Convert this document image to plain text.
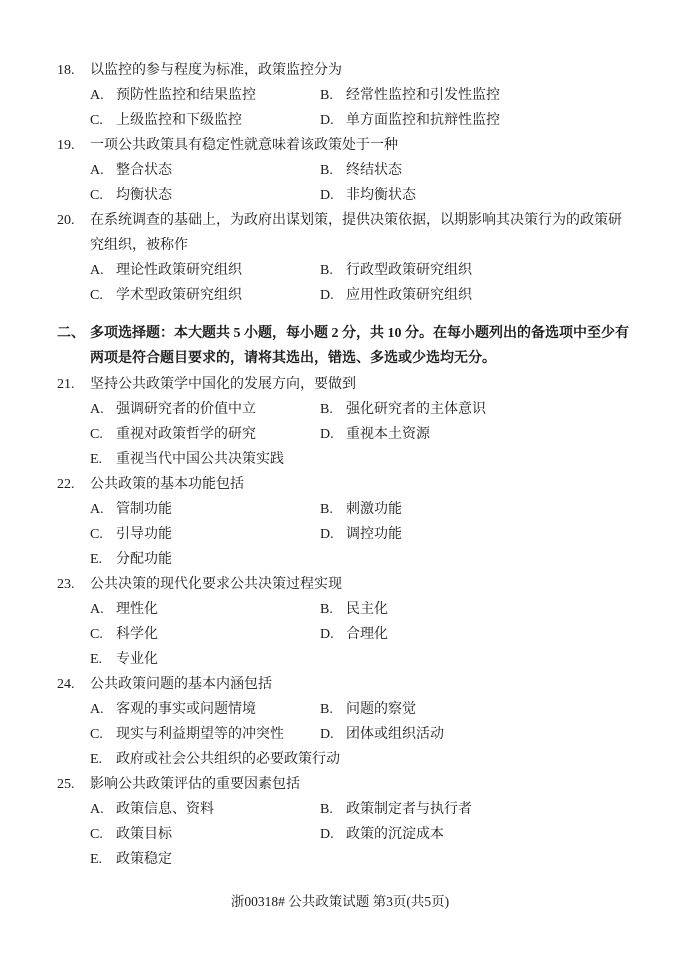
18.	以监控的参与程度为标准，政策监控分为
A. 预防性监控和结果监控	B. 经常性监控和引发性监控
C. 上级监控和下级监控	D. 单方面监控和抗辩性监控
19.	一项公共政策具有稳定性就意味着该政策处于一种
A. 整合状态	B. 终结状态
C. 均衡状态	D. 非均衡状态
20.	在系统调查的基础上，为政府出谋划策，提供决策依据，以期影响其决策行为的政策研究组织，被称作
A. 理论性政策研究组织	B. 行政型政策研究组织
C. 学术型政策研究组织	D. 应用性政策研究组织
二、 多项选择题：本大题共 5 小题，每小题 2 分，共 10 分。在每小题列出的备选项中至少有两项是符合题目要求的，请将其选出，错选、多选或少选均无分。
21.	坚持公共政策学中国化的发展方向，要做到
A. 强调研究者的价值中立	B. 强化研究者的主体意识
C. 重视对政策哲学的研究	D. 重视本土资源
E. 重视当代中国公共决策实践
22.	公共政策的基本功能包括
A. 管制功能	B. 刺激功能
C. 引导功能	D. 调控功能
E. 分配功能
23.	公共决策的现代化要求公共决策过程实现
A. 理性化	B. 民主化
C. 科学化	D. 合理化
E. 专业化
24.	公共政策问题的基本内涵包括
A. 客观的事实或问题情境	B. 问题的察觉
C. 现实与利益期望等的冲突性	D. 团体或组织活动
E. 政府或社会公共组织的必要政策行动
25.	影响公共政策评估的重要因素包括
A. 政策信息、资料	B. 政策制定者与执行者
C. 政策目标	D. 政策的沉淀成本
E. 政策稳定
浙00318# 公共政策试题 第3页(共5页)
